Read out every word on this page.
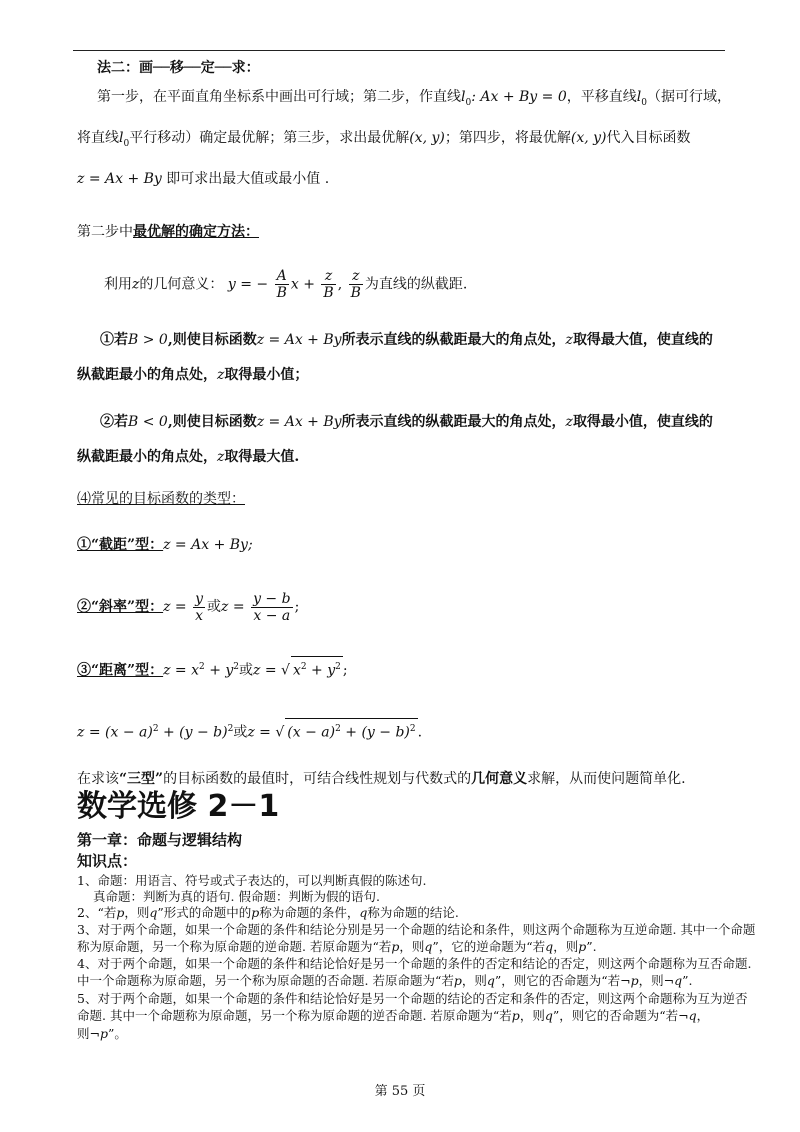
法二：画──移──定──求：
第一步，在平面直角坐标系中画出可行域；第二步，作直线$l_0$: Ax + By = 0，平移直线$l_0$（据可行域，
将直线$l_0$平行移动）确定最优解；第三步，求出最优解(x, y)；第四步，将最优解(x, y)代入目标函数
z = Ax + By 即可求出最大值或最小值 .
第二步中最优解的确定方法：
利用z的几何意义： y = − $\frac{A}{B}$ $x + \frac{z}{B}$ , $\frac{z}{B}$ 为直线的纵截距.
①若B > 0,则使目标函数z = Ax + By所表示直线的纵截距最大的角点处，z取得最大值，使直线的
纵截距最小的角点处，z取得最小值；
②若B < 0,则使目标函数z = Ax + By所表示直线的纵截距最大的角点处，z取得最小值，使直线的
纵截距最小的角点处，z取得最大值.
⑷常见的目标函数的类型：
①“截距”型：z = Ax + By;
②“斜率”型：$z = \frac{y}{x}$ 或$z = \frac{y - b}{x - a}$ ;
③“距离”型：$z = x^2 + y^2$或z = √ $x^2 + y^2$ ;
$z = (x - a)^2 + (y - b)^2$或z = √ $(x - a)^2 + (y - b)^2$ .
在求该“三型”的目标函数的最值时，可结合线性规划与代数式的几何意义求解，从而使问题简单化.
数学选修 2－1
第一章：命题与逻辑结构
知识点：
1、命题：用语言、符号或式子表达的，可以判断真假的陈述句.
真命题：判断为真的语句. 假命题：判断为假的语句.
2、“若p，则q”形式的命题中的p称为命题的条件，q称为命题的结论.
3、对于两个命题，如果一个命题的条件和结论分别是另一个命题的结论和条件，则这两个命题称为互逆命题. 其中一个命题
称为原命题，另一个称为原命题的逆命题. 若原命题为“若p，则q”，它的逆命题为“若q，则p”.
4、对于两个命题，如果一个命题的条件和结论恰好是另一个命题的条件的否定和结论的否定，则这两个命题称为互否命题.
中一个命题称为原命题，另一个称为原命题的否命题. 若原命题为“若p，则q”，则它的否命题为“若¬p，则¬q”.
5、对于两个命题，如果一个命题的条件和结论恰好是另一个命题的结论的否定和条件的否定，则这两个命题称为互为逆否
命题. 其中一个命题称为原命题，另一个称为原命题的逆否命题. 若原命题为“若p，则q”，则它的否命题为“若¬q，
则¬p”。
第 55 页
